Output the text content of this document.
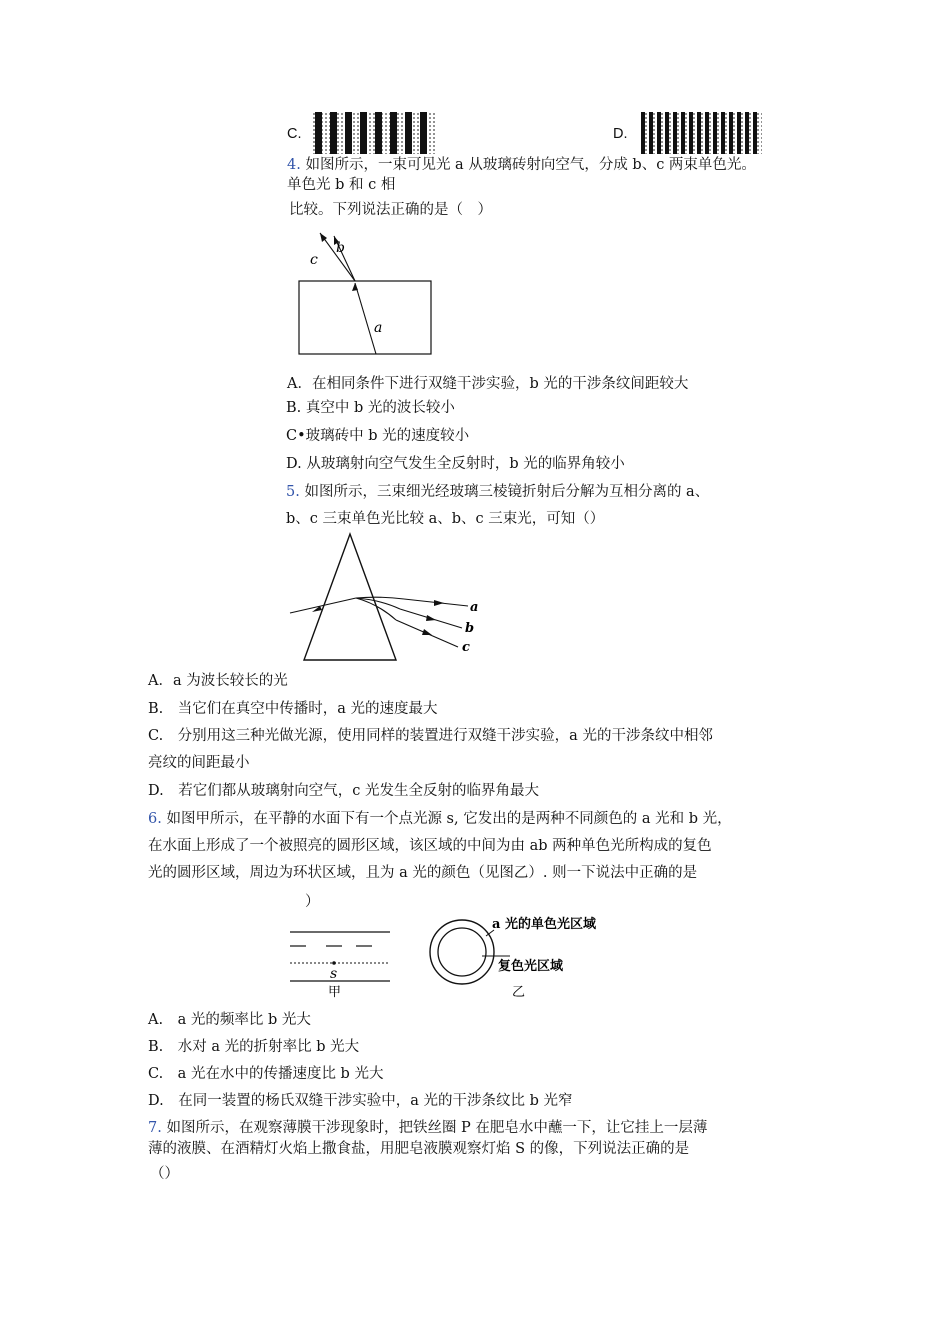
C.	D.
4. 如图所示，一束可见光 a 从玻璃砖射向空气，分成 b、c 两束单色光。
单色光 b 和 c 相
比较。下列说法正确的是（　）
a
b
c
A．在相同条件下进行双缝干涉实验，b 光的干涉条纹间距较大
B. 真空中 b 光的波长较小
C•玻璃砖中 b 光的速度较小
D. 从玻璃射向空气发生全反射时，b 光的临界角较小
5. 如图所示，三束细光经玻璃三棱镜折射后分解为互相分离的 a、
b、c 三束单色光比较 a、b、c 三束光，可知（）
a
b
c
A．a 为波长较长的光
B.　当它们在真空中传播时，a 光的速度最大
C.　分别用这三种光做光源，使用同样的装置进行双缝干涉实验，a 光的干涉条纹中相邻
亮纹的间距最小
D.　若它们都从玻璃射向空气，c 光发生全反射的临界角最大
6. 如图甲所示，在平静的水面下有一个点光源 s, 它发出的是两种不同颜色的 a 光和 b 光，
在水面上形成了一个被照亮的圆形区域，该区域的中间为由 ab 两种单色光所构成的复色
光的圆形区域，周边为环状区域，且为 a 光的颜色（见图乙）. 则一下说法中正确的是
）
s
甲
a 光的单色光区域
复色光区域
乙
A.　a 光的频率比 b 光大
B.　水对 a 光的折射率比 b 光大
C.　a 光在水中的传播速度比 b 光大
D.　在同一装置的杨氏双缝干涉实验中，a 光的干涉条纹比 b 光窄
7. 如图所示，在观察薄膜干涉现象时，把铁丝圈 P 在肥皂水中蘸一下，让它挂上一层薄
薄的液膜、在酒精灯火焰上撒食盐，用肥皂液膜观察灯焰 S 的像，下列说法正确的是
（）
